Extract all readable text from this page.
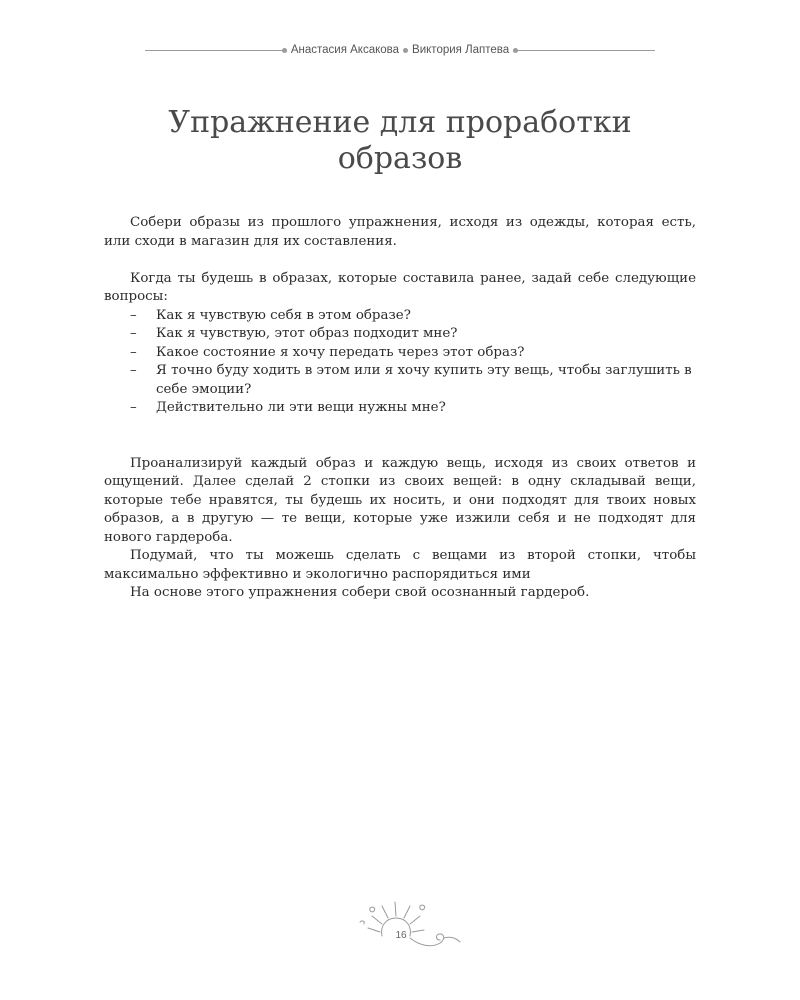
Анастасия Аксакова	Виктория Лаптева
Упражнение для проработки
образов

Собери образы из прошлого упражнения, исходя из одежды, которая есть, или сходи в магазин для их составления.

Когда ты будешь в образах, которые составила ранее, задай себе следующие вопросы:

– Как я чувствую себя в этом образе?
– Как я чувствую, этот образ подходит мне?
– Какое состояние я хочу передать через этот образ?
– Я точно буду ходить в этом или я хочу купить эту вещь, чтобы заглушить в себе эмоции?
– Действительно ли эти вещи нужны мне?

Проанализируй каждый образ и каждую вещь, исходя из своих ответов и ощущений. Далее сделай 2 стопки из своих вещей: в одну складывай вещи, которые тебе нравятся, ты будешь их носить, и они подходят для твоих новых образов, а в другую — те вещи, которые уже изжили себя и не подходят для нового гардероба.

Подумай, что ты можешь сделать с вещами из второй стопки, чтобы максимально эффективно и экологично распорядиться ими

На основе этого упражнения собери свой осознанный гардероб.

16
